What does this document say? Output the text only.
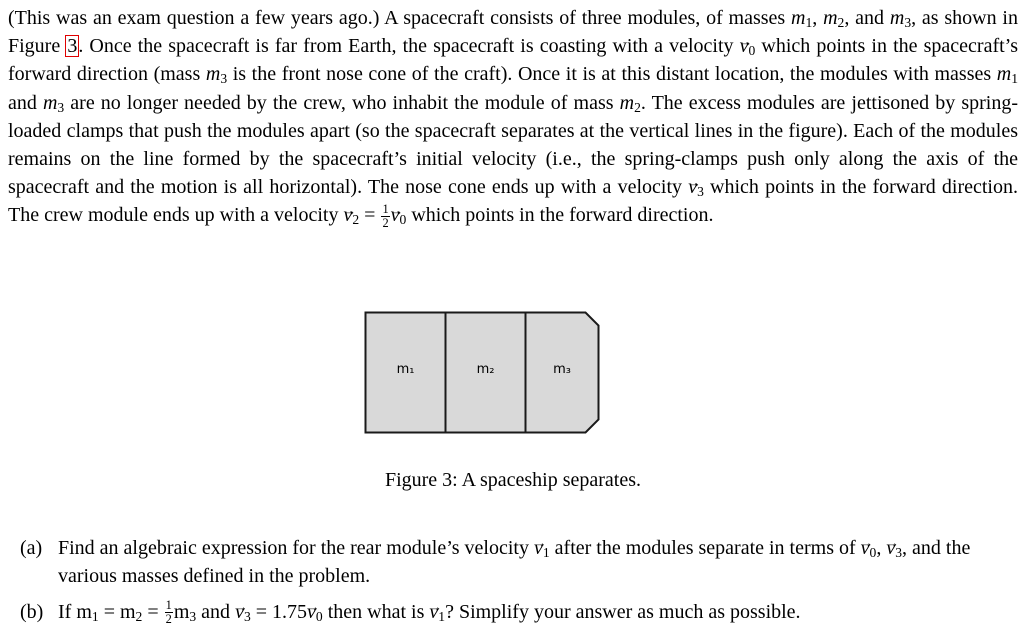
(This was an exam question a few years ago.) A spacecraft consists of three modules, of masses $m_1$, $m_2$, and $m_3$, as shown in Figure 3. Once the spacecraft is far from Earth, the spacecraft is coasting with a velocity → $v_0$ which points in the spacecraft’s forward direction (mass $m_3$ is the front nose cone of the craft). Once it is at this distant location, the modules with masses $m_1$ and $m_3$ are no longer needed by the crew, who inhabit the module of mass $m_2$. The excess modules are jettisoned by spring-loaded clamps that push the modules apart (so the spacecraft separates at the vertical lines in the figure). Each of the modules remains on the line formed by the spacecraft’s initial velocity (i.e., the spring-clamps push only along the axis of the spacecraft and the motion is all horizontal). The nose cone ends up with a velocity → $v_3$ which points in the forward direction. The crew module ends up with a velocity → $v_2 = \frac{1}{2}$
→ $v_0$ which points in the forward direction.
m₁	m₂	m₃
Figure 3: A spaceship separates.
(a) Find an algebraic expression for the rear module’s velocity → $v_1$ after the modules separate in terms of → $v_0$, → $v_3$, and the various masses defined in the problem.
(b) If $m_1 = m_2 = \frac{1}{2} m_3$ and → $v_3 = 1.75\to v_0$ then what is → $v_1$? Simplify your answer as much as possible.
